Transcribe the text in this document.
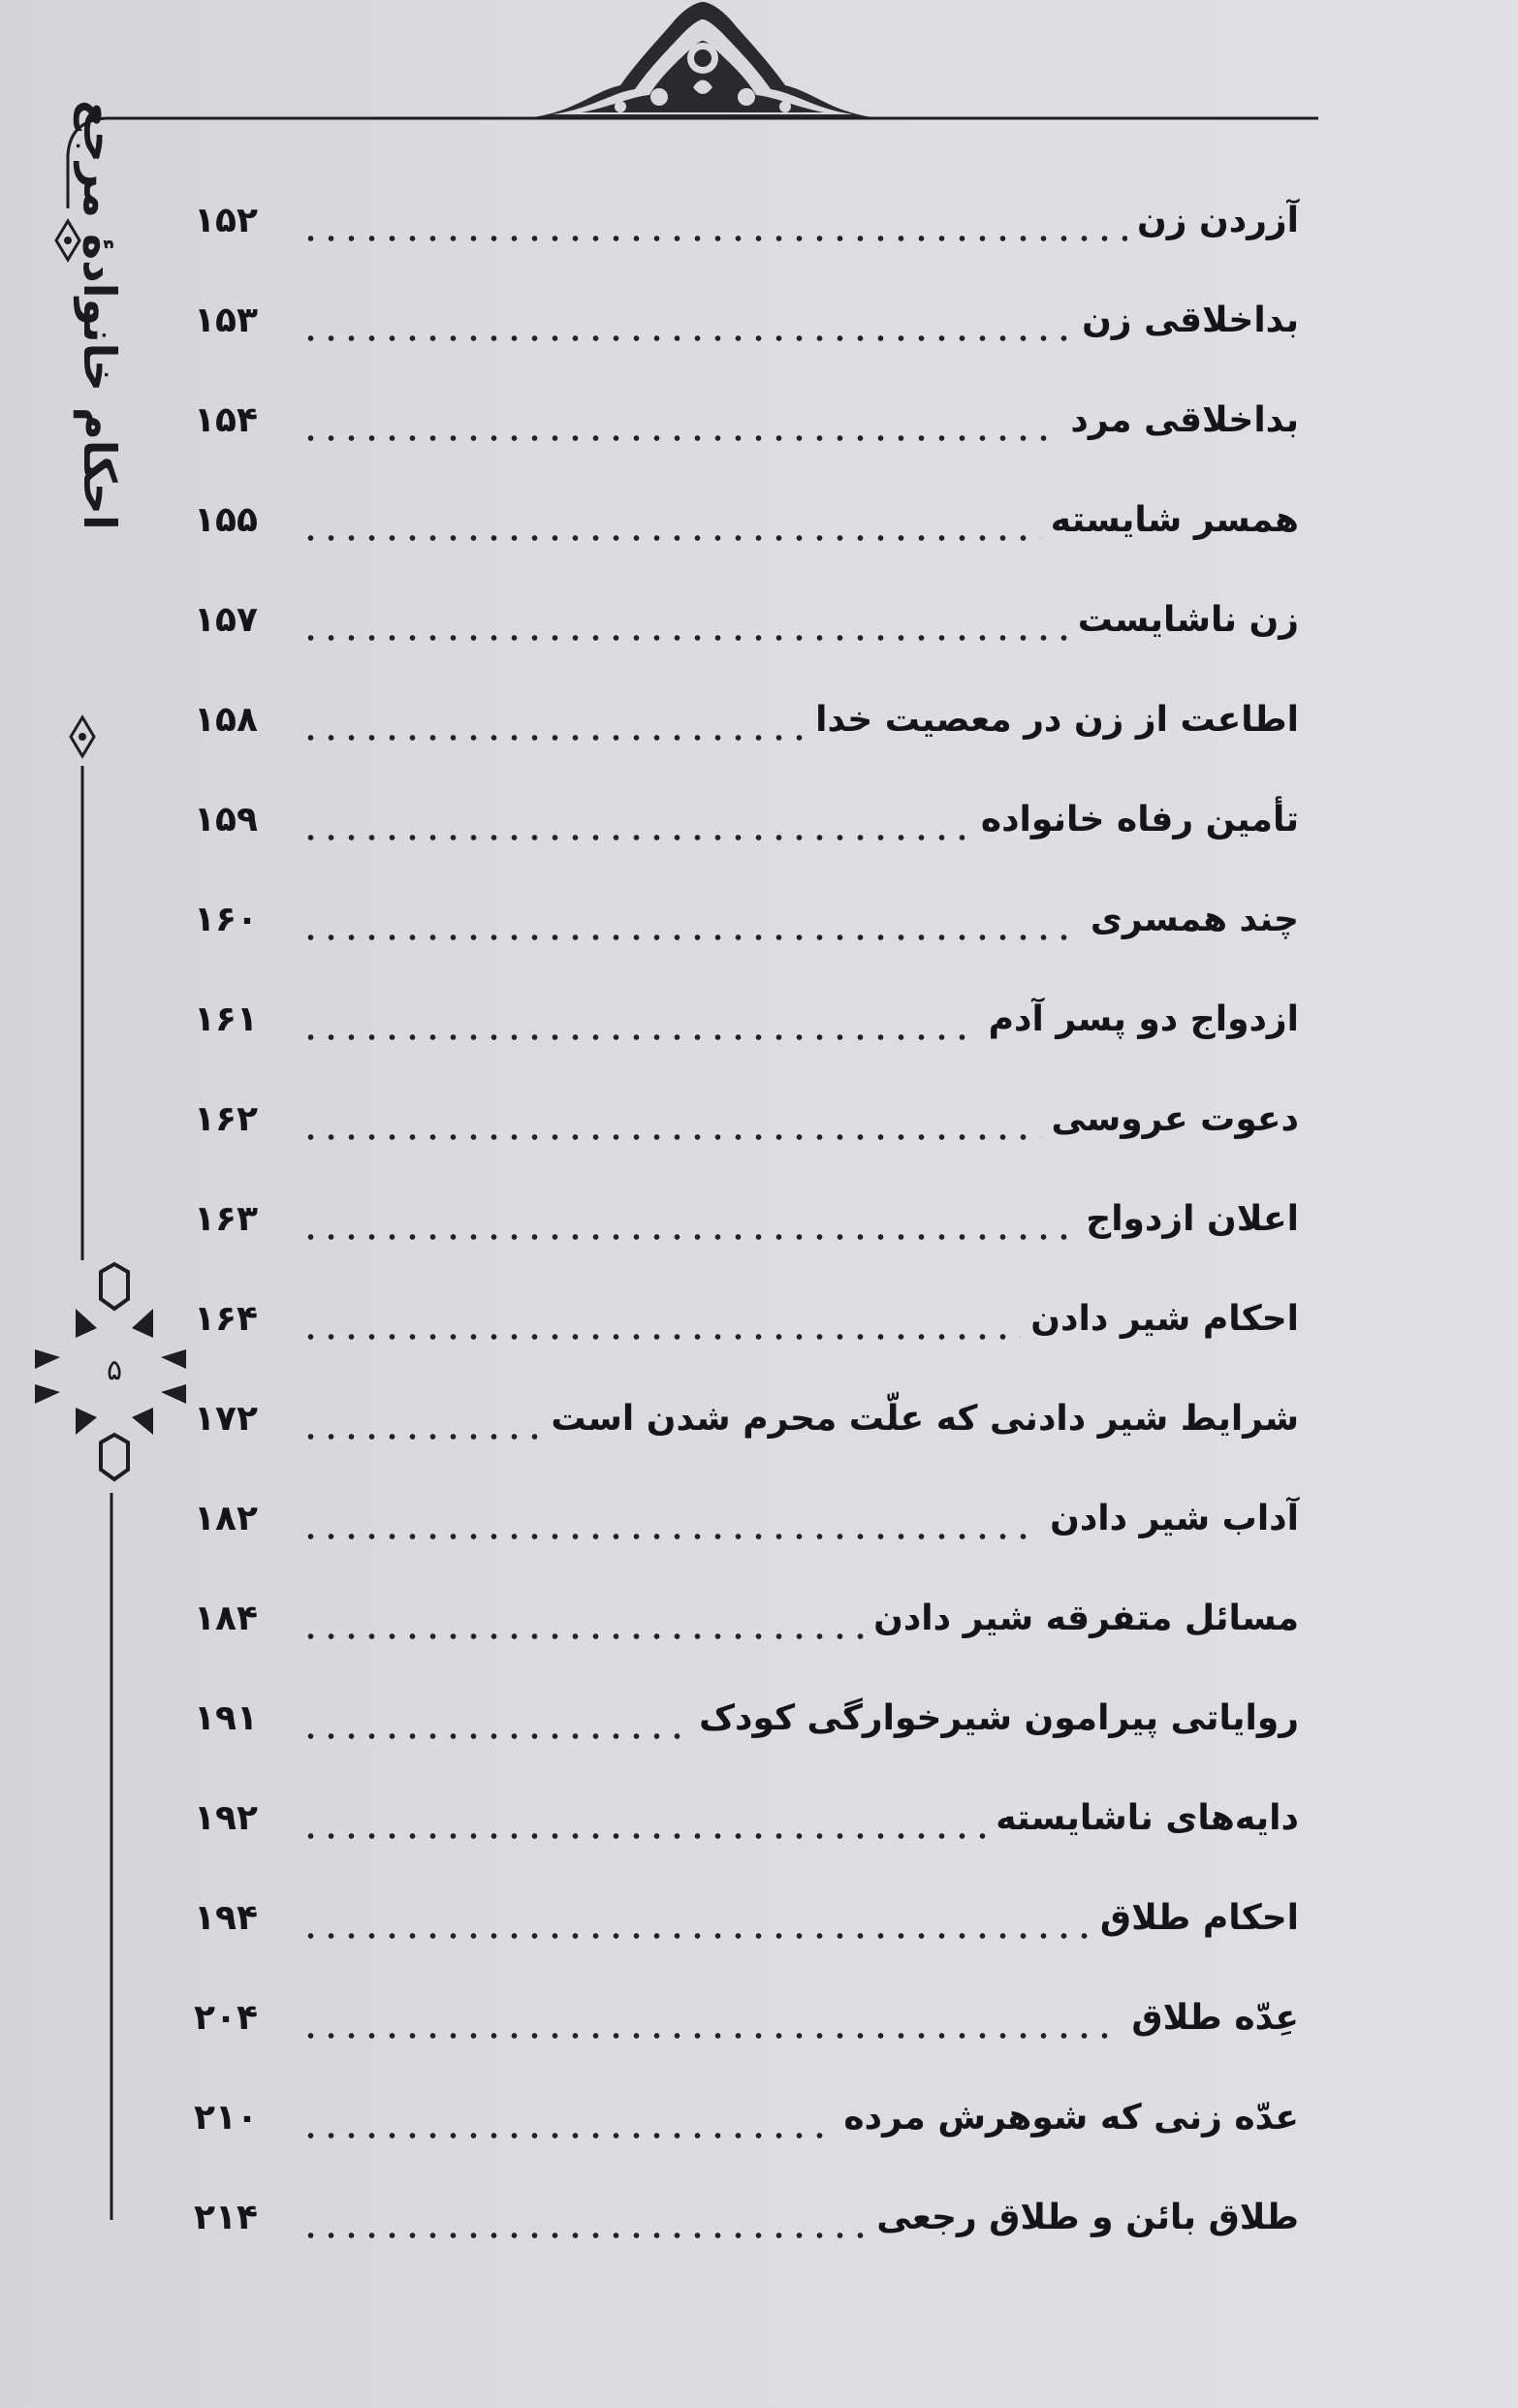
احکام خانوادهٔ مرجع
۵
۱۵۲	آزردن زن
۱۵۳	بداخلاقی زن
۱۵۴	بداخلاقی مرد
۱۵۵	همسر شایسته
۱۵۷	زن ناشایست
۱۵۸	اطاعت از زن در معصیت خدا
۱۵۹	تأمین رفاه خانواده
۱۶۰	چند همسری
۱۶۱	ازدواج دو پسر آدم
۱۶۲	دعوت عروسی
۱۶۳	اعلان ازدواج
۱۶۴	احکام شیر دادن
۱۷۲	شرایط شیر دادنی که علّت محرم شدن است
۱۸۲	آداب شیر دادن
۱۸۴	مسائل متفرقه شیر دادن
۱۹۱	روایاتی پیرامون شیرخوارگی کودک
۱۹۲	دایه‌های ناشایسته
۱۹۴	احکام طلاق
۲۰۴	عِدّه طلاق
۲۱۰	عدّه زنی که شوهرش مرده
۲۱۴	طلاق بائن و طلاق رجعی
